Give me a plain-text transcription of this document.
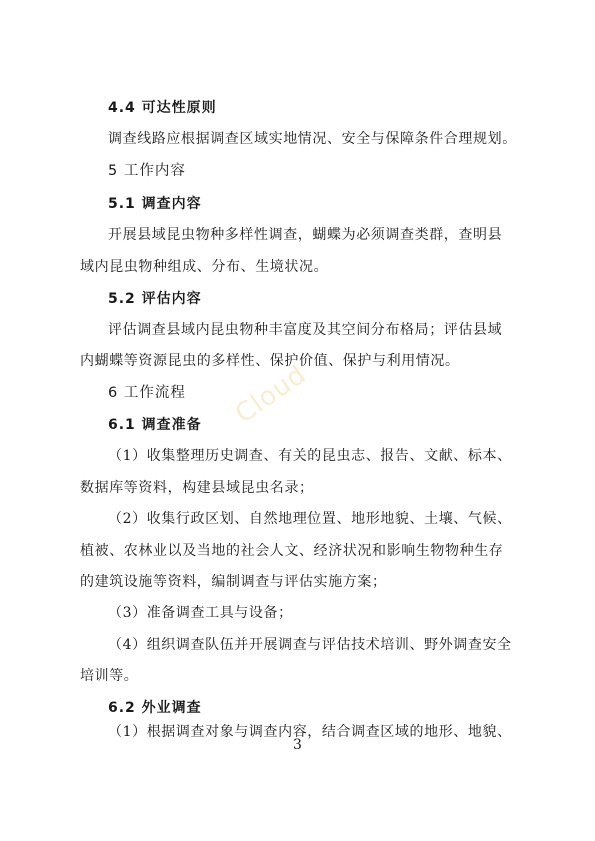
4.4 可达性原则
调查线路应根据调查区域实地情况、安全与保障条件合理规划。
5 工作内容
5.1 调查内容
开展县域昆虫物种多样性调查，蝴蝶为必须调查类群，查明县
域内昆虫物种组成、分布、生境状况。
5.2 评估内容
评估调查县域内昆虫物种丰富度及其空间分布格局；评估县域
内蝴蝶等资源昆虫的多样性、保护价值、保护与利用情况。
6 工作流程
6.1 调查准备
（1）收集整理历史调查、有关的昆虫志、报告、文献、标本、
数据库等资料，构建县域昆虫名录；
（2）收集行政区划、自然地理位置、地形地貌、土壤、气候、
植被、农林业以及当地的社会人文、经济状况和影响生物物种生存
的建筑设施等资料，编制调查与评估实施方案；
（3）准备调查工具与设备；
（4）组织调查队伍并开展调查与评估技术培训、野外调查安全
培训等。
6.2 外业调查
（1）根据调查对象与调查内容，结合调查区域的地形、地貌、
Cloud
3
